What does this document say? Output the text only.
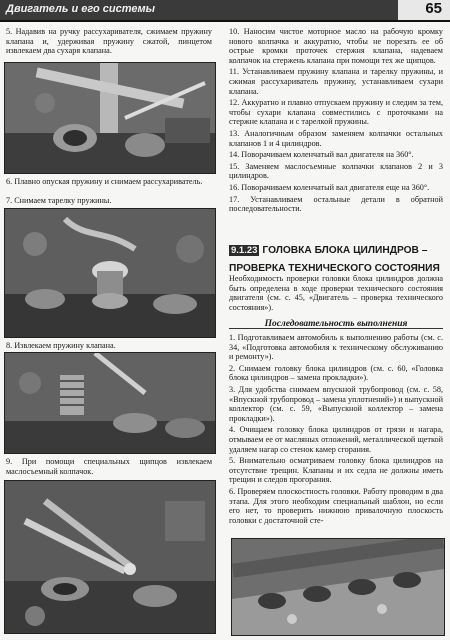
Двигатель и его системы	65

5. Надавив на ручку рассухаривателя, сжимаем пружину клапана и, удерживая пружину сжатой, пинцетом извлекаем два сухаря клапана.

6. Плавно опуская пружину и снимаем рассухариватель.

7. Снимаем тарелку пружины.

8. Извлекаем пружину клапана.

9. При помощи специальных щипцов извлекаем маслосъемный колпачок.

10. Наносим чистое моторное масло на рабочую кромку нового колпачка и аккуратно, чтобы не порезать ее об острые кромки проточек стержня клапана, надеваем колпачок на стержень клапана при помощи тех же щипцов.

11. Устанавливаем пружину клапана и тарелку пружины, и сжимая рассухариватель пружину, устанавливаем сухари клапана.

12. Аккуратно и плавно отпускаем пружину и следим за тем, чтобы сухари клапана совместились с проточками на стержне клапана и с тарелкой пружины.

13. Аналогичным образом заменяем колпачки остальных клапанов 1 и 4 цилиндров.

14. Поворачиваем коленчатый вал двигателя на 360°.

15. Заменяем маслосъемные колпачки клапанов 2 и 3 цилиндров.

16. Поворачиваем коленчатый вал двигателя еще на 360°.

17. Устанавливаем остальные детали в обратной последовательности.

9.1.23 ГОЛОВКА БЛОКА ЦИЛИНДРОВ – ПРОВЕРКА ТЕХНИЧЕСКОГО СОСТОЯНИЯ

Необходимость проверки головки блока цилиндров должна быть определена в ходе проверки технического состояния двигателя (см. с. 45, «Двигатель – проверка технического состояния»).

Последовательность выполнения

1. Подготавливаем автомобиль к выполнению работы (см. с. 34, «Подготовка автомобиля к техническому обслуживанию и ремонту»).

2. Снимаем головку блока цилиндров (см. с. 60, «Головка блока цилиндров – замена прокладки»).

3. Для удобства снимаем впускной трубопровод (см. с. 58, «Впускной трубопровод – замена уплотнений») и выпускной коллектор (см. с. 59, «Выпускной коллектор – замена прокладки»).

4. Очищаем головку блока цилиндров от грязи и нагара, отмываем ее от масляных отложений, металлической щеткой удаляем нагар со стенок камер сгорания.

5. Внимательно осматриваем головку блока цилиндров на отсутствие трещин. Клапаны и их седла не должны иметь трещин и следов прогорания.

6. Проверяем плоскостность головки. Работу проводим в два этапа. Для этого необходим специальный шаблон, но если его нет, то проверить нижнюю привалочную плоскость головки с достаточной сте-
